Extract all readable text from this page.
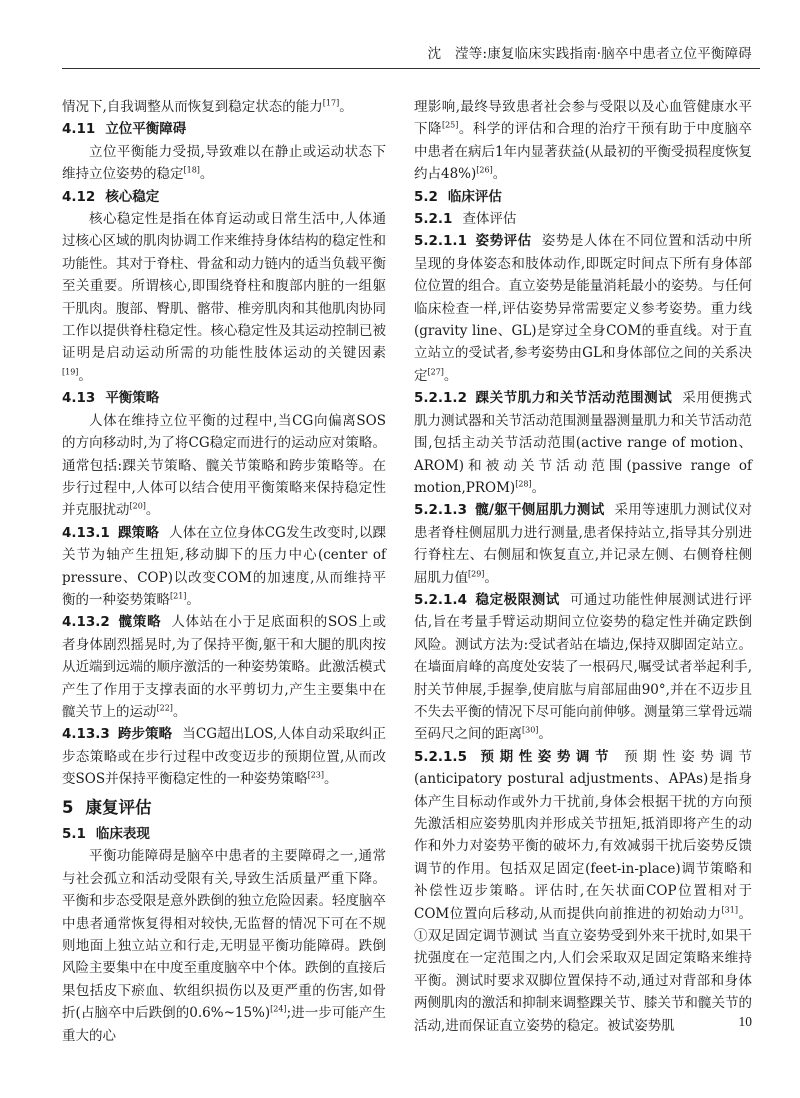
沈　滢等:康复临床实践指南·脑卒中患者立位平衡障碍

情况下,自我调整从而恢复到稳定状态的能力[17]。

4.11 立位平衡障碍

立位平衡能力受损,导致难以在静止或运动状态下维持立位姿势的稳定[18]。

4.12 核心稳定

核心稳定性是指在体育运动或日常生活中,人体通过核心区域的肌肉协调工作来维持身体结构的稳定性和功能性。其对于脊柱、骨盆和动力链内的适当负载平衡至关重要。所谓核心,即围绕脊柱和腹部内脏的一组躯干肌肉。腹部、臀肌、髂带、椎旁肌肉和其他肌肉协同工作以提供脊柱稳定性。核心稳定性及其运动控制已被证明是启动运动所需的功能性肢体运动的关键因素[19]。

4.13 平衡策略

人体在维持立位平衡的过程中,当CG向偏离SOS的方向移动时,为了将CG稳定而进行的运动应对策略。通常包括:踝关节策略、髋关节策略和跨步策略等。在步行过程中,人体可以结合使用平衡策略来保持稳定性并克服扰动[20]。

4.13.1 踝策略 人体在立位身体CG发生改变时,以踝关节为轴产生扭矩,移动脚下的压力中心(center of pressure、COP)以改变COM的加速度,从而维持平衡的一种姿势策略[21]。

4.13.2 髋策略 人体站在小于足底面积的SOS上或者身体剧烈摇晃时,为了保持平衡,躯干和大腿的肌肉按从近端到远端的顺序激活的一种姿势策略。此激活模式产生了作用于支撑表面的水平剪切力,产生主要集中在髋关节上的运动[22]。

4.13.3 跨步策略 当CG超出LOS,人体自动采取纠正步态策略或在步行过程中改变迈步的预期位置,从而改变SOS并保持平衡稳定性的一种姿势策略[23]。

5 康复评估

5.1 临床表现

平衡功能障碍是脑卒中患者的主要障碍之一,通常与社会孤立和活动受限有关,导致生活质量严重下降。平衡和步态受限是意外跌倒的独立危险因素。轻度脑卒中患者通常恢复得相对较快,无监督的情况下可在不规则地面上独立站立和行走,无明显平衡功能障碍。跌倒风险主要集中在中度至重度脑卒中个体。跌倒的直接后果包括皮下瘀血、软组织损伤以及更严重的伤害,如骨折(占脑卒中后跌倒的0.6%~15%)[24];进一步可能产生重大的心

理影响,最终导致患者社会参与受限以及心血管健康水平下降[25]。科学的评估和合理的治疗干预有助于中度脑卒中患者在病后1年内显著获益(从最初的平衡受损程度恢复约占48%)[26]。

5.2 临床评估

5.2.1 查体评估

5.2.1.1 姿势评估 姿势是人体在不同位置和活动中所呈现的身体姿态和肢体动作,即既定时间点下所有身体部位位置的组合。直立姿势是能量消耗最小的姿势。与任何临床检查一样,评估姿势异常需要定义参考姿势。重力线(gravity line、GL)是穿过全身COM的垂直线。对于直立站立的受试者,参考姿势由GL和身体部位之间的关系决定[27]。

5.2.1.2 踝关节肌力和关节活动范围测试 采用便携式肌力测试器和关节活动范围测量器测量肌力和关节活动范围,包括主动关节活动范围(active range of motion、AROM)和被动关节活动范围(passive range of motion,PROM)[28]。

5.2.1.3 髋/躯干侧屈肌力测试 采用等速肌力测试仪对患者脊柱侧屈肌力进行测量,患者保持站立,指导其分别进行脊柱左、右侧屈和恢复直立,并记录左侧、右侧脊柱侧屈肌力值[29]。

5.2.1.4 稳定极限测试 可通过功能性伸展测试进行评估,旨在考量手臂运动期间立位姿势的稳定性并确定跌倒风险。测试方法为:受试者站在墙边,保持双脚固定站立。在墙面肩峰的高度处安装了一根码尺,嘱受试者举起利手,肘关节伸展,手握拳,使肩肱与肩部屈曲90°,并在不迈步且不失去平衡的情况下尽可能向前伸够。测量第三掌骨远端至码尺之间的距离[30]。

5.2.1.5 预期性姿势调节 预期性姿势调节(anticipatory postural adjustments、APAs)是指身体产生目标动作或外力干扰前,身体会根据干扰的方向预先激活相应姿势肌肉并形成关节扭矩,抵消即将产生的动作和外力对姿势平衡的破坏力,有效减弱干扰后姿势反馈调节的作用。包括双足固定(feet-in-place)调节策略和补偿性迈步策略。评估时,在矢状面COP位置相对于COM位置向后移动,从而提供向前推进的初始动力[31]。①双足固定调节测试 当直立姿势受到外来干扰时,如果干扰强度在一定范围之内,人们会采取双足固定策略来维持平衡。测试时要求双脚位置保持不动,通过对背部和身体两侧肌肉的激活和抑制来调整踝关节、膝关节和髋关节的活动,进而保证直立姿势的稳定。被试姿势肌	10
